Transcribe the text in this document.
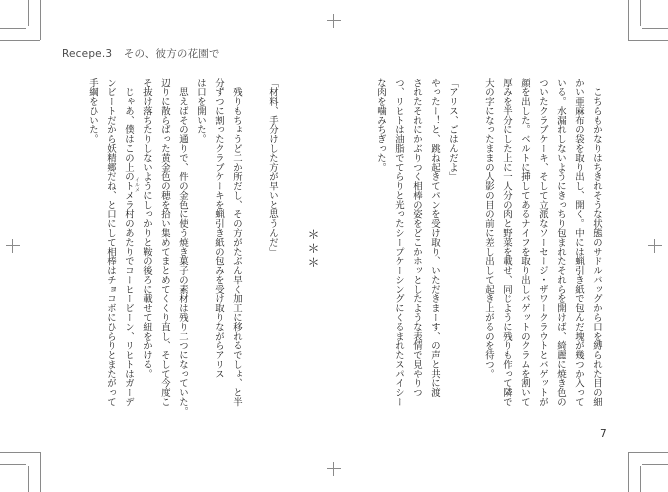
Recepe.3 その、彼方の花園で
　こちらもかなりはちきれそうな状態のサドルバッグから口を縛られた目の細
かい亜麻布の袋を取り出し、開く。中には蝋引き紙で包んだ塊が幾つか入って
いる。水漏れしないようにきっちり包まれたそれらを開けば、綺麗に焼き色の
ついたクラブケーキ、そして立派なソーセージ・ザワークラウトとバゲットが
顔を出した。ベルトに挿してあるナイフを取り出しバゲットのクラムを割いて
厚みを半分にした上に一人分の肉と野菜を載せ、同じように残りも作って隣で
大の字になったままの人影の目の前に差し出して起き上がるのを待つ。
「アリス、ごはんだよ」
やったー！と、跳ね起きてパンを受け取り、いただきまーす、の声と共に渡
されたそれにかぶりつく相棒の姿をどこかホッとしたような表情で見やりつ
つ、リヒトは油脂でてらりと光ったシープケーシングにくるまれたスパイシー
な肉を噛みちぎった。
＊＊＊
「材料、手分けした方が早いと思うんだ」
　残りもちょうど二か所だし、その方がたぶん早く加工に移れるでしょ、と半
分ずつに割ったクラブケーキを蝋引き紙の包みを受け取りながらアリス
は口を開いた。
　思えばその通りで、件の金色に使う焼き菓子の素材は残り二つになっていた。
辺りに散らばった黄金色の穂を拾い集めてまとめてくくり直し、そして今度こ
そ抜け落ちたりしないようにしっかりと鞍の後ろに載せて紐をかける。
イルメ
　じゃあ、僕はこの上のトメラ村のあたりでコーヒービーン、リヒトはガーデ
ンビートだから妖精郷だね、と口にして相棒はチョコボにひらりとまたがって
手綱をひいた。
7
